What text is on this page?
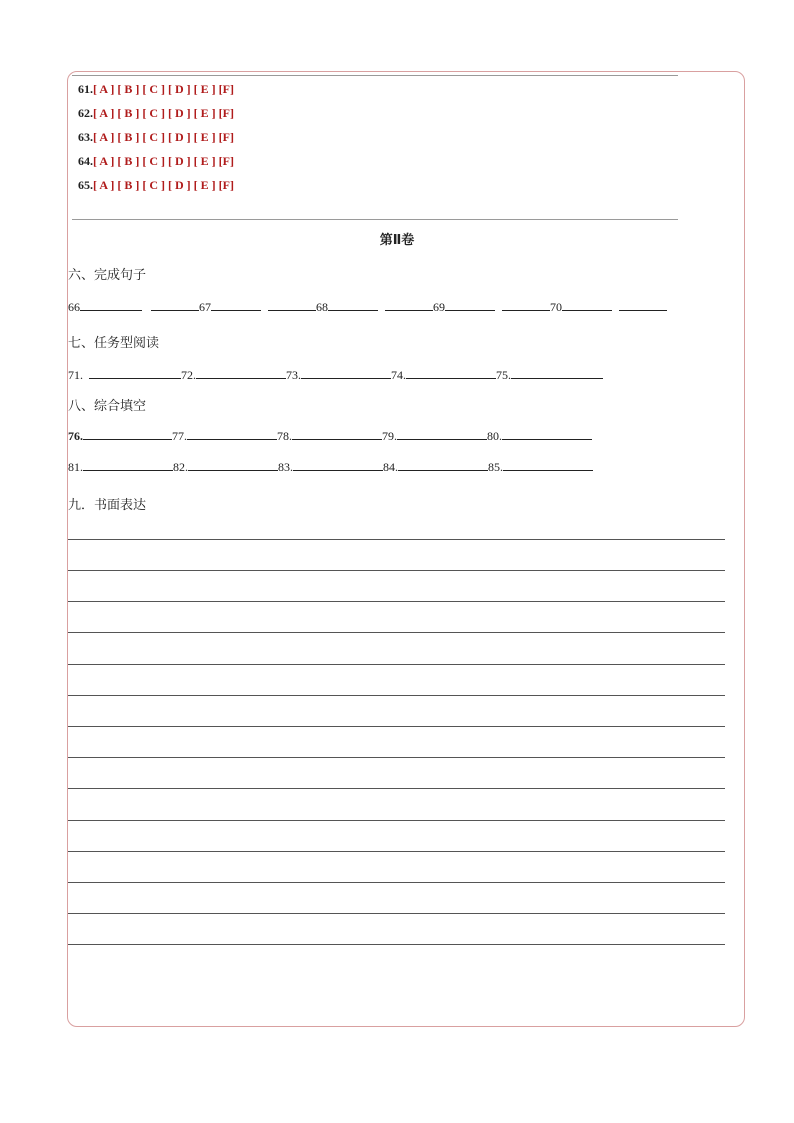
61.[ A ] [ B ] [ C ] [ D ] [ E ] [F]
62.[ A ] [ B ] [ C ] [ D ] [ E ] [F]
63.[ A ] [ B ] [ C ] [ D ] [ E ] [F]
64.[ A ] [ B ] [ C ] [ D ] [ E ] [F]
65.[ A ] [ B ] [ C ] [ D ] [ E ] [F]
第Ⅱ卷
六、完成句子
66	67	68	69	70
七、任务型阅读
71.	72.	73.	74.	75.
八、综合填空
76.	77.	78.	79.	80.
81.	82.	83.	84.	85.
九．书面表达
